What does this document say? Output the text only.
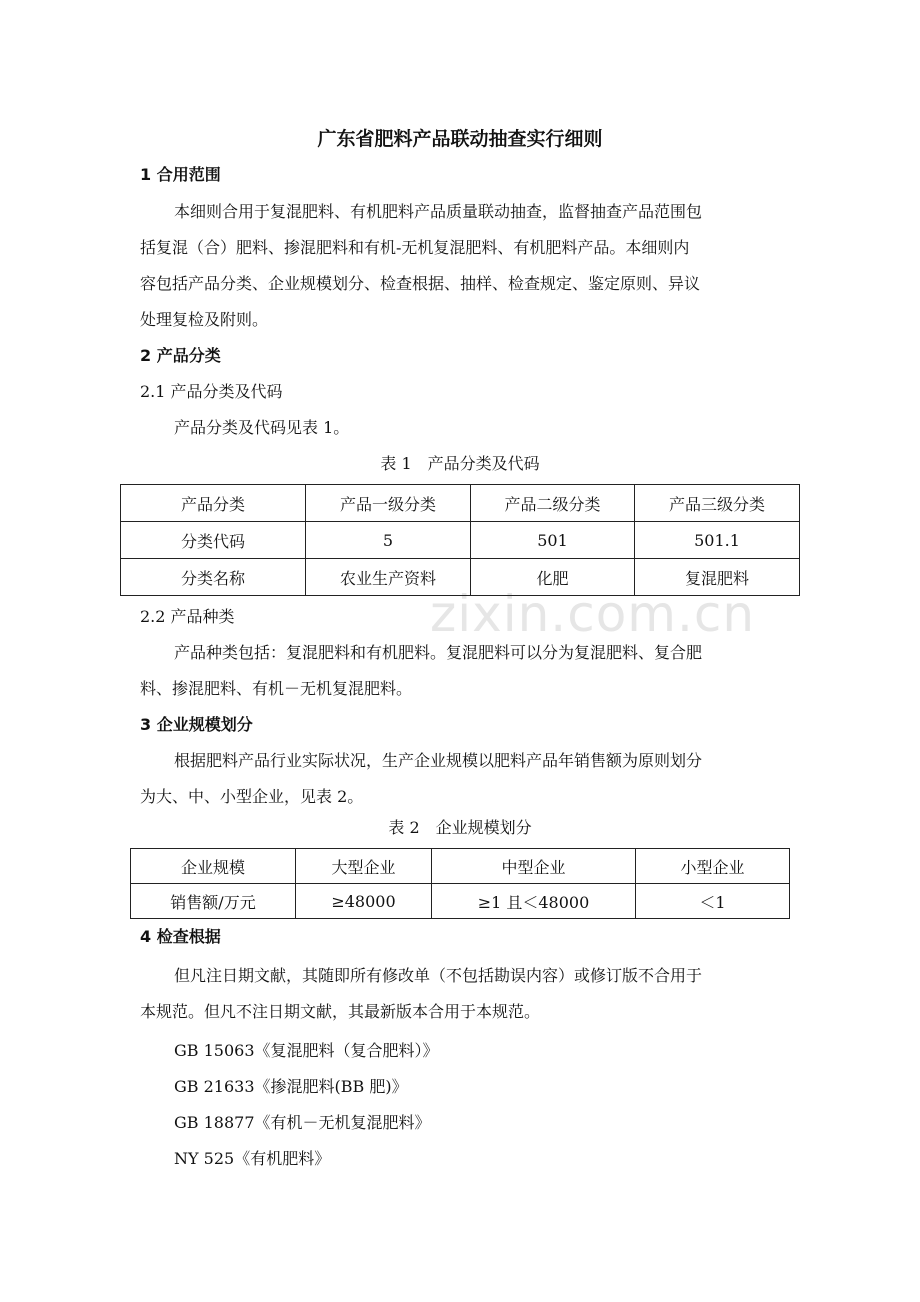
zixin.com.cn
广东省肥料产品联动抽查实行细则
1 合用范围
本细则合用于复混肥料、有机肥料产品质量联动抽查，监督抽查产品范围包
括复混（合）肥料、掺混肥料和有机-无机复混肥料、有机肥料产品。本细则内
容包括产品分类、企业规模划分、检查根据、抽样、检查规定、鉴定原则、异议
处理复检及附则。
2 产品分类
2.1 产品分类及代码
产品分类及代码见表 1。
表 1　产品分类及代码
产品分类	产品一级分类	产品二级分类	产品三级分类
分类代码	5	501	501.1
分类名称	农业生产资料	化肥	复混肥料
2.2 产品种类
产品种类包括：复混肥料和有机肥料。复混肥料可以分为复混肥料、复合肥
料、掺混肥料、有机－无机复混肥料。
3 企业规模划分
根据肥料产品行业实际状况，生产企业规模以肥料产品年销售额为原则划分
为大、中、小型企业，见表 2。
表 2　企业规模划分
企业规模	大型企业	中型企业	小型企业
销售额/万元	≥48000	≥1 且＜48000	＜1
4 检查根据
但凡注日期文献，其随即所有修改单（不包括勘误内容）或修订版不合用于
本规范。但凡不注日期文献，其最新版本合用于本规范。
GB 15063《复混肥料（复合肥料）》
GB 21633《掺混肥料(BB 肥)》
GB 18877《有机－无机复混肥料》
NY 525《有机肥料》
